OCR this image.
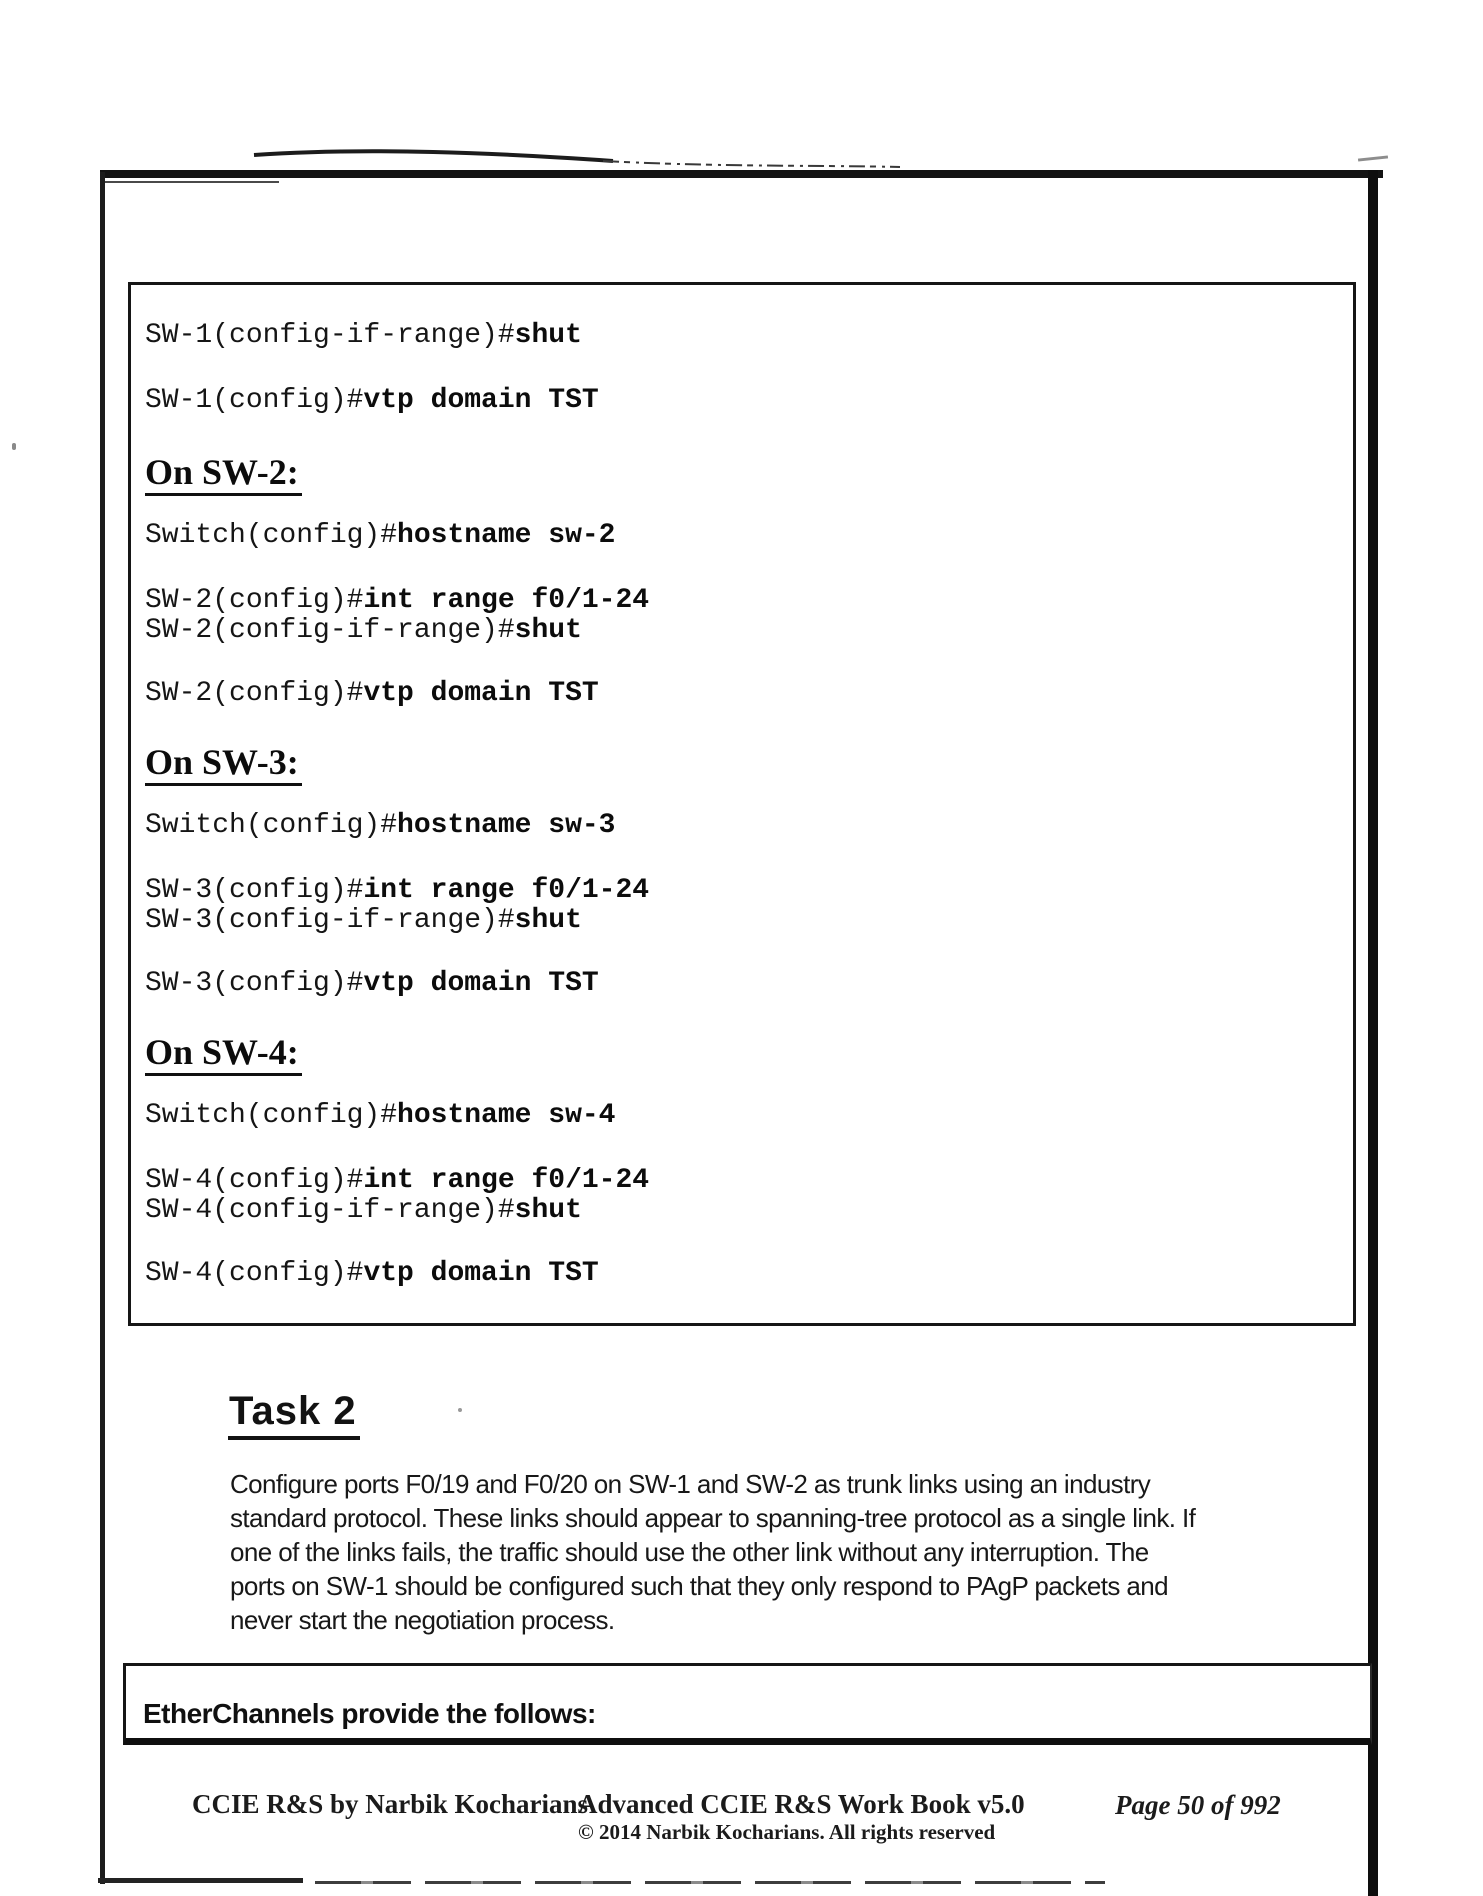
SW-1(config-if-range)#shut
SW-1(config)#vtp domain TST
On SW-2:
Switch(config)#hostname sw-2
SW-2(config)#int range f0/1-24
SW-2(config-if-range)#shut
SW-2(config)#vtp domain TST
On SW-3:
Switch(config)#hostname sw-3
SW-3(config)#int range f0/1-24
SW-3(config-if-range)#shut
SW-3(config)#vtp domain TST
On SW-4:
Switch(config)#hostname sw-4
SW-4(config)#int range f0/1-24
SW-4(config-if-range)#shut
SW-4(config)#vtp domain TST
Task 2
Configure ports F0/19 and F0/20 on SW-1 and SW-2 as trunk links using an industry
standard protocol. These links should appear to spanning-tree protocol as a single link. If
one of the links fails, the traffic should use the other link without any interruption. The
ports on SW-1 should be configured such that they only respond to PAgP packets and
never start the negotiation process.
EtherChannels provide the follows:
CCIE R&S by Narbik Kocharians
Advanced CCIE R&S Work Book v5.0
© 2014 Narbik Kocharians. All rights reserved
Page 50 of 992
